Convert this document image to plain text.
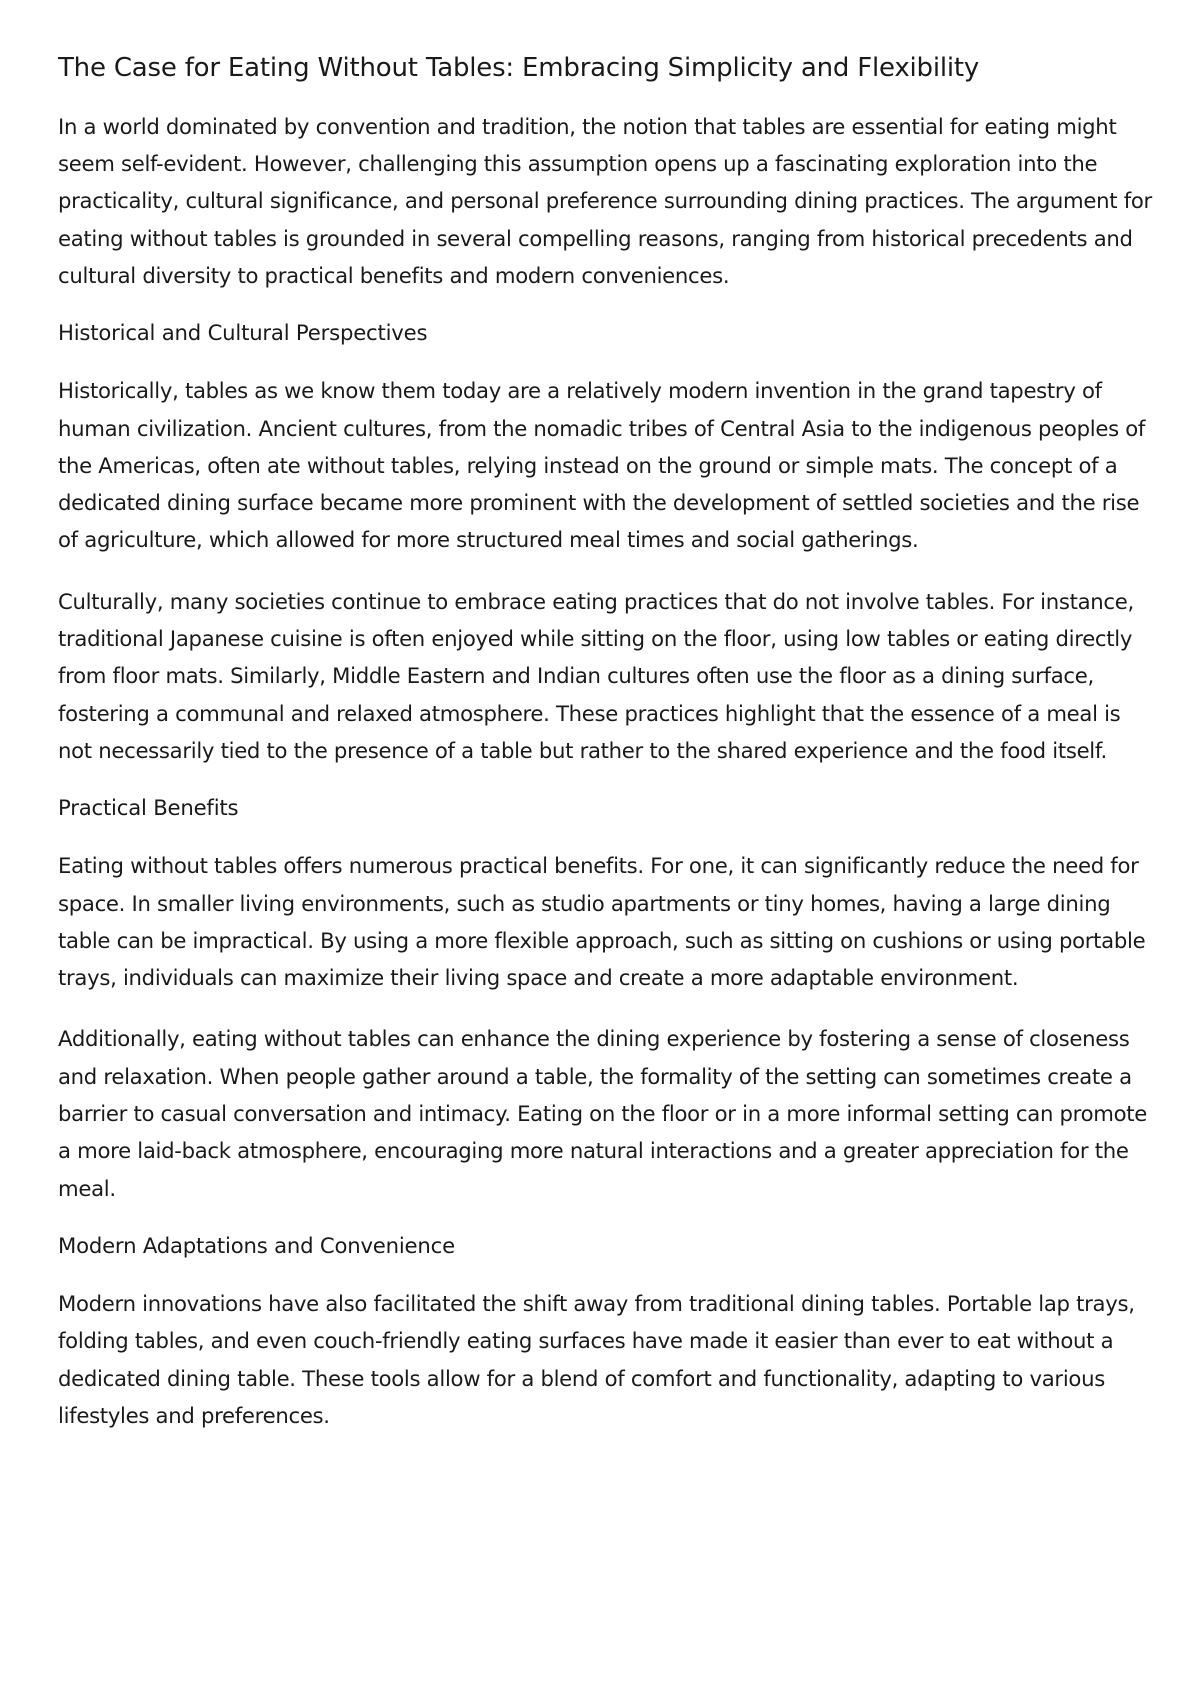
The Case for Eating Without Tables: Embracing Simplicity and Flexibility

In a world dominated by convention and tradition, the notion that tables are essential for eating might seem self-evident. However, challenging this assumption opens up a fascinating exploration into the practicality, cultural significance, and personal preference surrounding dining practices. The argument for eating without tables is grounded in several compelling reasons, ranging from historical precedents and cultural diversity to practical benefits and modern conveniences.

Historical and Cultural Perspectives

Historically, tables as we know them today are a relatively modern invention in the grand tapestry of human civilization. Ancient cultures, from the nomadic tribes of Central Asia to the indigenous peoples of the Americas, often ate without tables, relying instead on the ground or simple mats. The concept of a dedicated dining surface became more prominent with the development of settled societies and the rise of agriculture, which allowed for more structured meal times and social gatherings.

Culturally, many societies continue to embrace eating practices that do not involve tables. For instance, traditional Japanese cuisine is often enjoyed while sitting on the floor, using low tables or eating directly from floor mats. Similarly, Middle Eastern and Indian cultures often use the floor as a dining surface, fostering a communal and relaxed atmosphere. These practices highlight that the essence of a meal is not necessarily tied to the presence of a table but rather to the shared experience and the food itself.

Practical Benefits

Eating without tables offers numerous practical benefits. For one, it can significantly reduce the need for space. In smaller living environments, such as studio apartments or tiny homes, having a large dining table can be impractical. By using a more flexible approach, such as sitting on cushions or using portable trays, individuals can maximize their living space and create a more adaptable environment.

Additionally, eating without tables can enhance the dining experience by fostering a sense of closeness and relaxation. When people gather around a table, the formality of the setting can sometimes create a barrier to casual conversation and intimacy. Eating on the floor or in a more informal setting can promote a more laid-back atmosphere, encouraging more natural interactions and a greater appreciation for the meal.

Modern Adaptations and Convenience

Modern innovations have also facilitated the shift away from traditional dining tables. Portable lap trays, folding tables, and even couch-friendly eating surfaces have made it easier than ever to eat without a dedicated dining table. These tools allow for a blend of comfort and functionality, adapting to various lifestyles and preferences.
